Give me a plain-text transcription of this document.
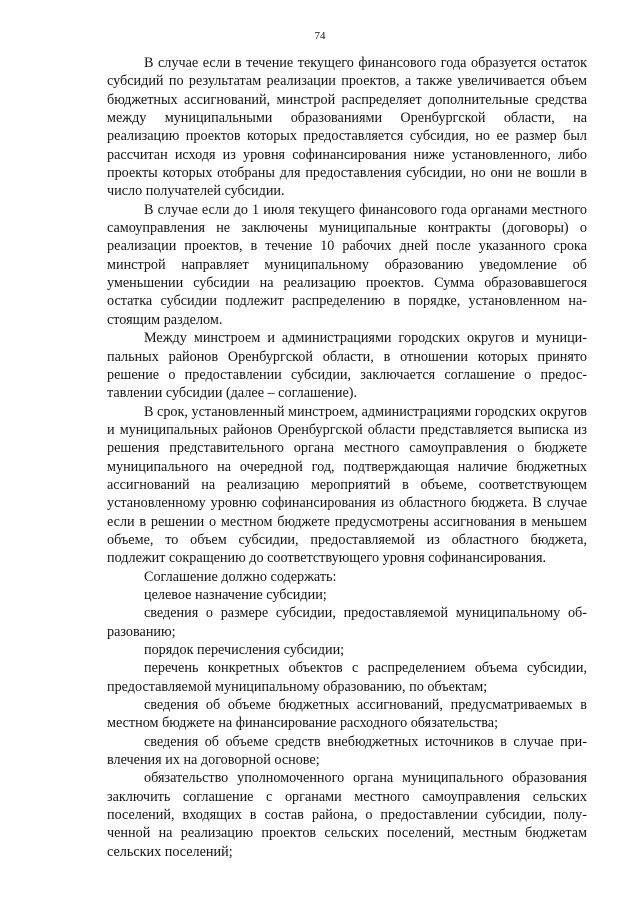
74

В случае если в течение текущего финансового года образуется остаток субсидий по результатам реализации проектов, а также увеличивается объем бюджетных ассигнований, минстрой распределяет дополнительные средства между муниципальными образованиями Оренбургской области, на реализацию проектов которых предоставляется субсидия, но ее размер был рассчитан исходя из уровня софинансирования ниже установленного, либо проекты которых отобраны для предоставления субсидии, но они не вошли в число получателей субсидии.

В случае если до 1 июля текущего финансового года органами местного самоуправления не заключены муниципальные контракты (договоры) о реализации проектов, в течение 10 рабочих дней после указанного срока минстрой направляет муниципальному образованию уведомление об уменьшении субсидии на реализацию проектов. Сумма образовавшегося остатка субсидии подлежит распределению в порядке, установленном настоящим разделом.

Между минстроем и администрациями городских округов и муниципальных районов Оренбургской области, в отношении которых принято решение о предоставлении субсидии, заключается соглашение о предоставлении субсидии (далее – соглашение).

В срок, установленный минстроем, администрациями городских округов и муниципальных районов Оренбургской области представляется выписка из решения представительного органа местного самоуправления о бюджете муниципального на очередной год, подтверждающая наличие бюджетных ассигнований на реализацию мероприятий в объеме, соответствующем установленному уровню софинансирования из областного бюджета. В случае если в решении о местном бюджете предусмотрены ассигнования в меньшем объеме, то объем субсидии, предоставляемой из областного бюджета, подлежит сокращению до соответствующего уровня софинансирования.

Соглашение должно содержать:

целевое назначение субсидии;

сведения о размере субсидии, предоставляемой муниципальному образованию;

порядок перечисления субсидии;

перечень конкретных объектов с распределением объема субсидии, предоставляемой муниципальному образованию, по объектам;

сведения об объеме бюджетных ассигнований, предусматриваемых в местном бюджете на финансирование расходного обязательства;

сведения об объеме средств внебюджетных источников в случае привлечения их на договорной основе;

обязательство уполномоченного органа муниципального образования заключить соглашение с органами местного самоуправления сельских поселений, входящих в состав района, о предоставлении субсидии, полученной на реализацию проектов сельских поселений, местным бюджетам сельских поселений;
